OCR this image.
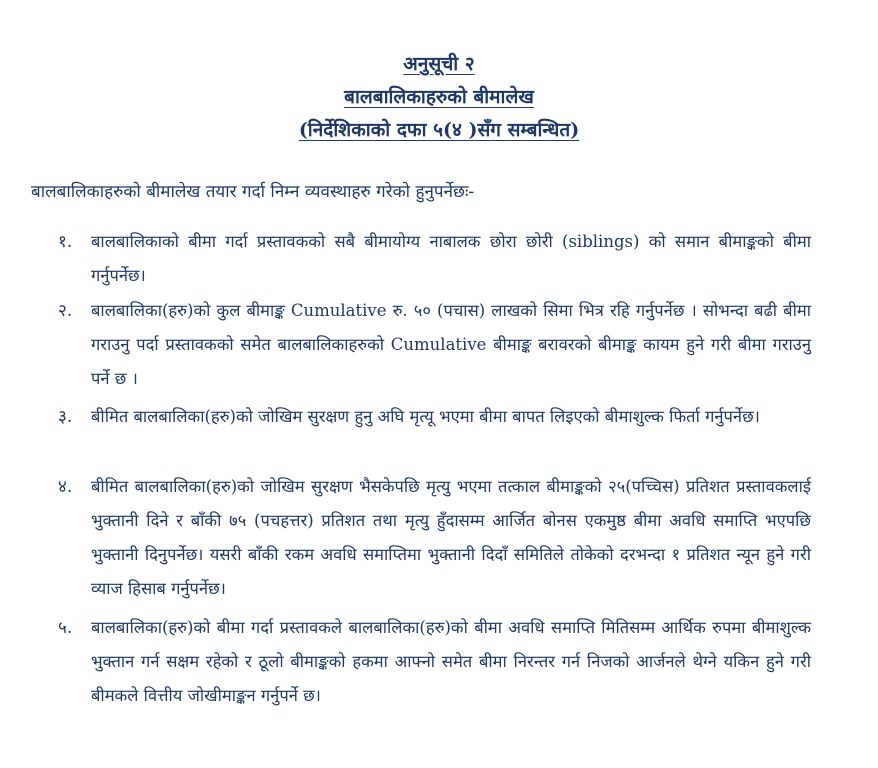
अनुसूची २
बालबालिकाहरुको बीमालेख
(निर्देशिकाको दफा ५(४ )सँग सम्बन्धित)
बालबालिकाहरुको बीमालेख तयार गर्दा निम्न व्यवस्थाहरु गरेको हुनुपर्नेछः-
१. बालबालिकाको बीमा गर्दा प्रस्तावकको सबै बीमायोग्य नाबालक छोरा छोरी (siblings) को समान बीमाङ्कको बीमा गर्नुपर्नेछ।
२. बालबालिका(हरु)को कुल बीमाङ्क Cumulative रु. ५० (पचास) लाखको सिमा भित्र रहि गर्नुपर्नेछ । सोभन्दा बढी बीमा गराउनु पर्दा प्रस्तावकको समेत बालबालिकाहरुको Cumulative बीमाङ्क बरावरको बीमाङ्क कायम हुने गरी बीमा गराउनु पर्ने छ ।
३. बीमित बालबालिका(हरु)को जोखिम सुरक्षण हुनु अघि मृत्यू भएमा बीमा बापत लिइएको बीमाशुल्क फिर्ता गर्नुपर्नेछ।
४. बीमित बालबालिका(हरु)को जोखिम सुरक्षण भैसकेपछि मृत्यु भएमा तत्काल बीमाङ्कको २५(पच्चिस) प्रतिशत प्रस्तावकलाई भुक्तानी दिने र बाँकी ७५ (पचहत्तर) प्रतिशत तथा मृत्यु हुँदासम्म आर्जित बोनस एकमुष्ठ बीमा अवधि समाप्ति भएपछि भुक्तानी दिनुपर्नेछ। यसरी बाँकी रकम अवधि समाप्तिमा भुक्तानी दिदाँ समितिले तोकेको दरभन्दा १ प्रतिशत न्यून हुने गरी व्याज हिसाब गर्नुपर्नेछ।
५. बालबालिका(हरु)को बीमा गर्दा प्रस्तावकले बालबालिका(हरु)को बीमा अवधि समाप्ति मितिसम्म आर्थिक रुपमा बीमाशुल्क भुक्तान गर्न सक्षम रहेको र ठूलो बीमाङ्कको हकमा आफ्नो समेत बीमा निरन्तर गर्न निजको आर्जनले थेग्ने यकिन हुने गरी बीमकले वित्तीय जोखीमाङ्कन गर्नुपर्ने छ।
